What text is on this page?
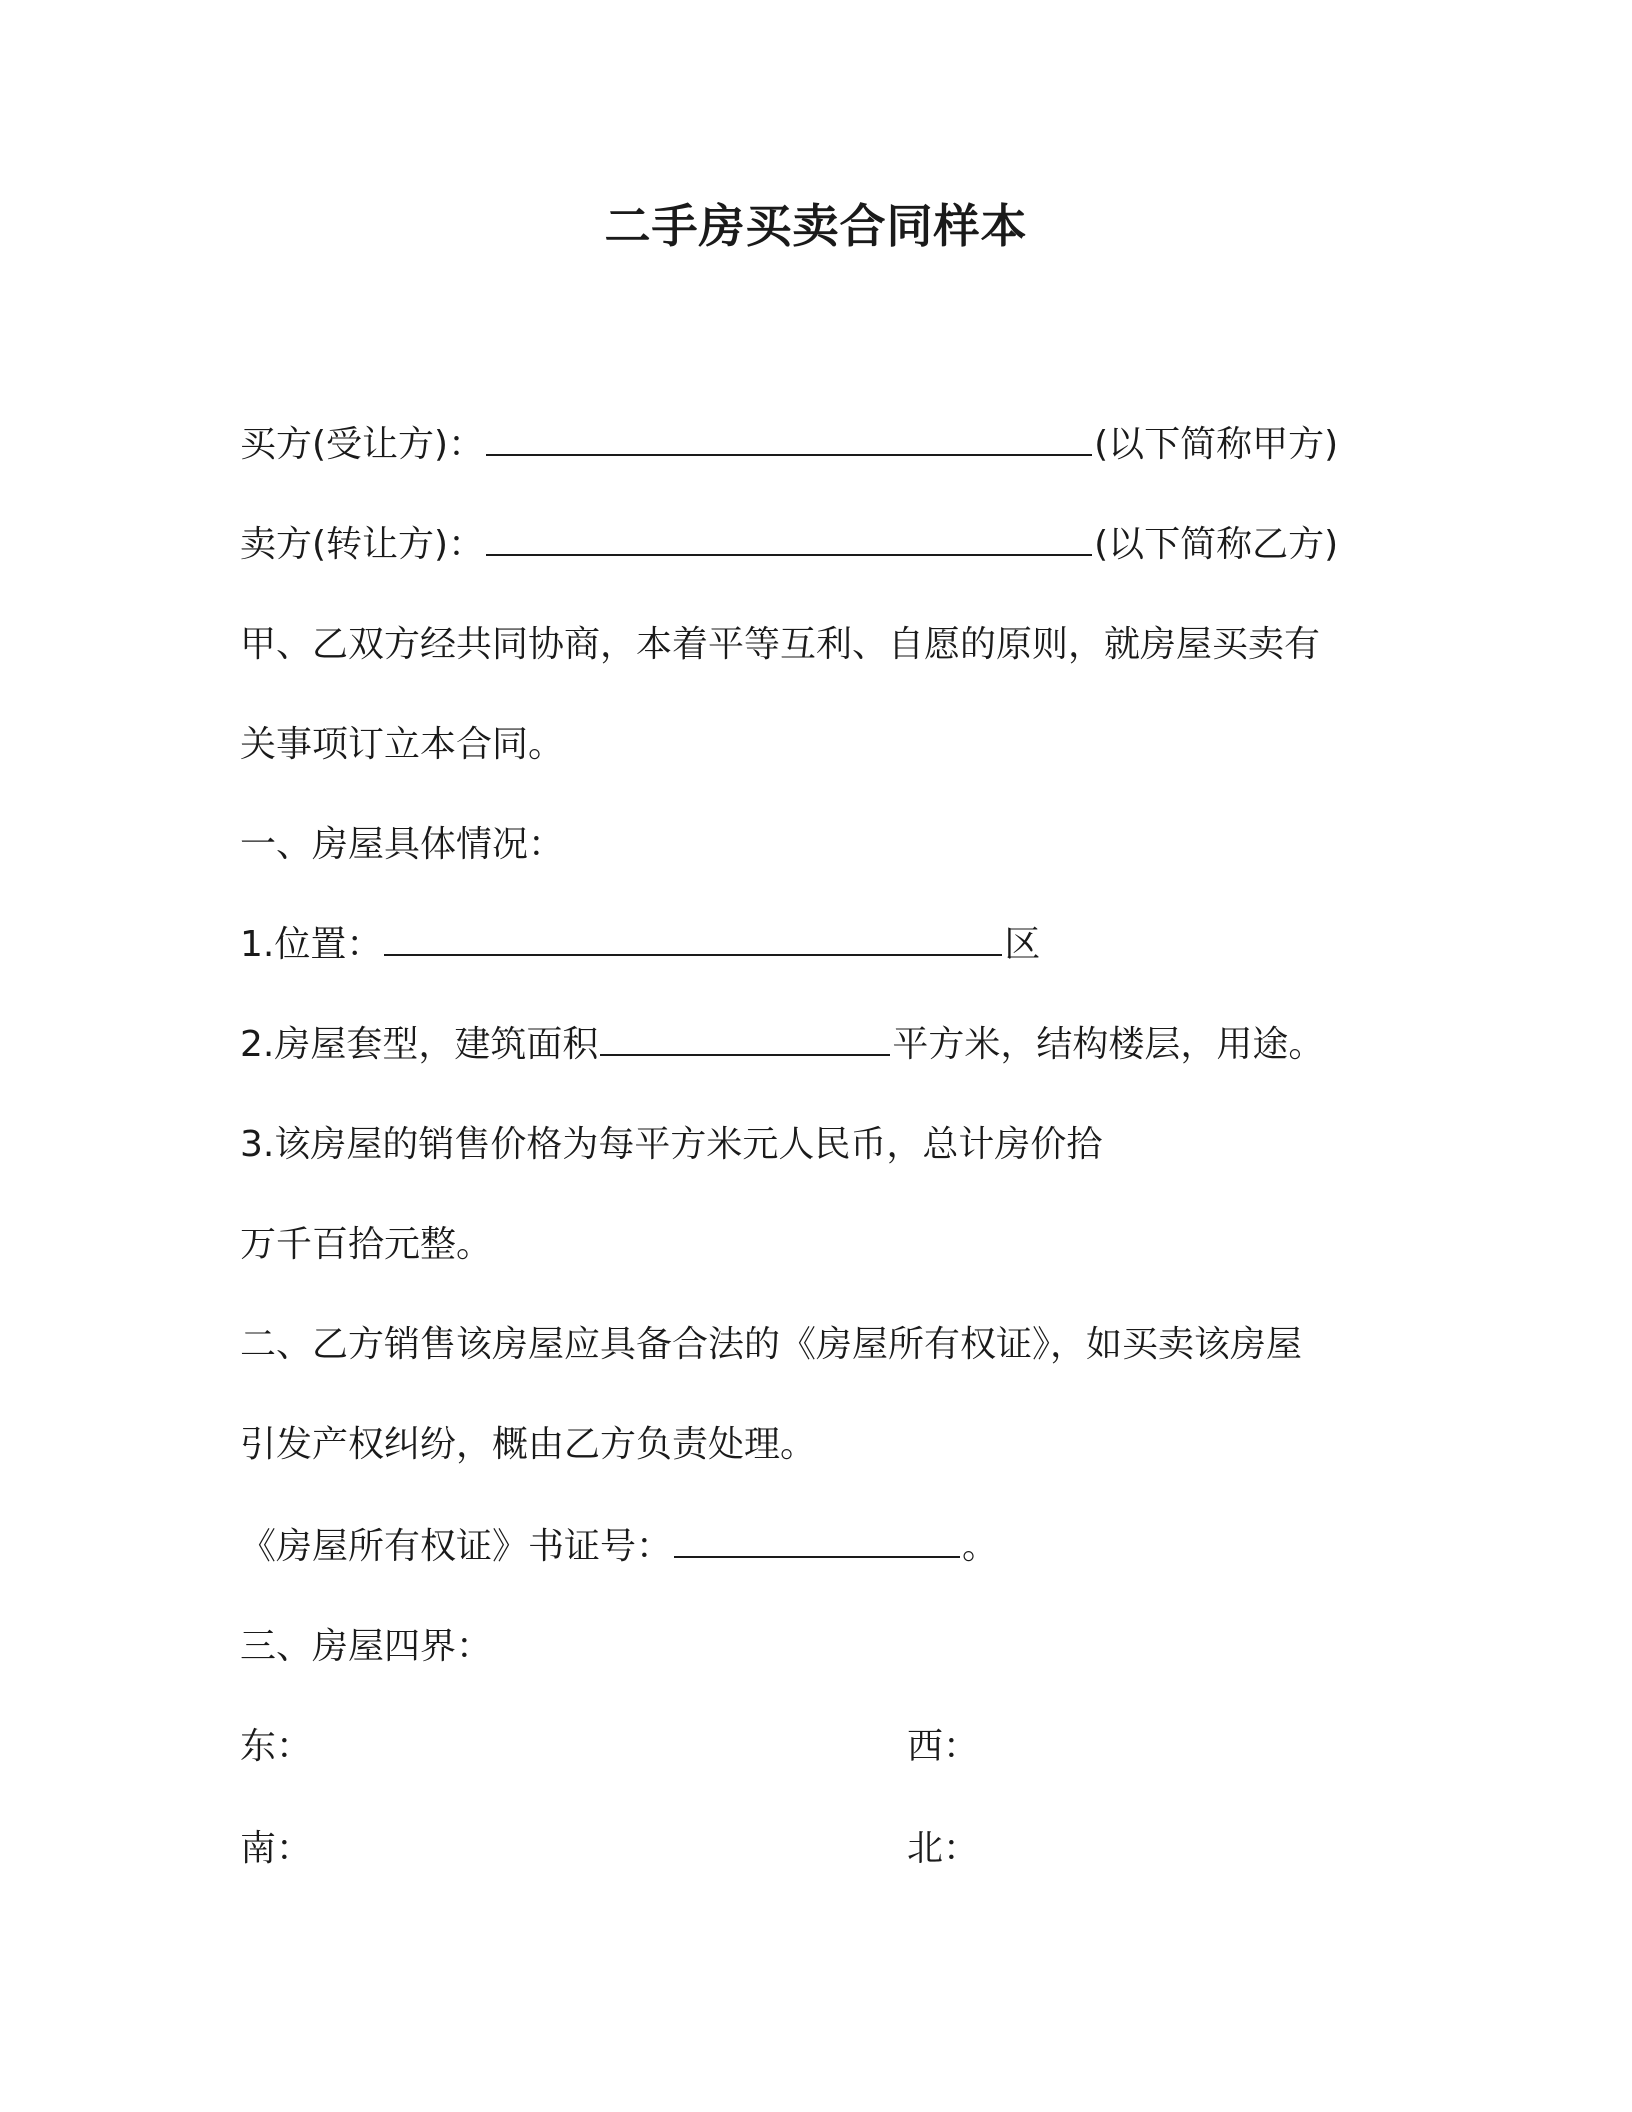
二手房买卖合同样本

买方(受让方)：	(以下简称甲方)

卖方(转让方)：	(以下简称乙方)

甲、乙双方经共同协商，本着平等互利、自愿的原则，就房屋买卖有

关事项订立本合同。

一、房屋具体情况：

1.位置：	区

2.房屋套型，建筑面积	平方米，结构楼层，用途。

3.该房屋的销售价格为每平方米元人民币，总计房价拾

万千百拾元整。

二、乙方销售该房屋应具备合法的《房屋所有权证》，如买卖该房屋

引发产权纠纷，概由乙方负责处理。

《房屋所有权证》书证号：	。

三、房屋四界：

东：	西：

南：	北：
